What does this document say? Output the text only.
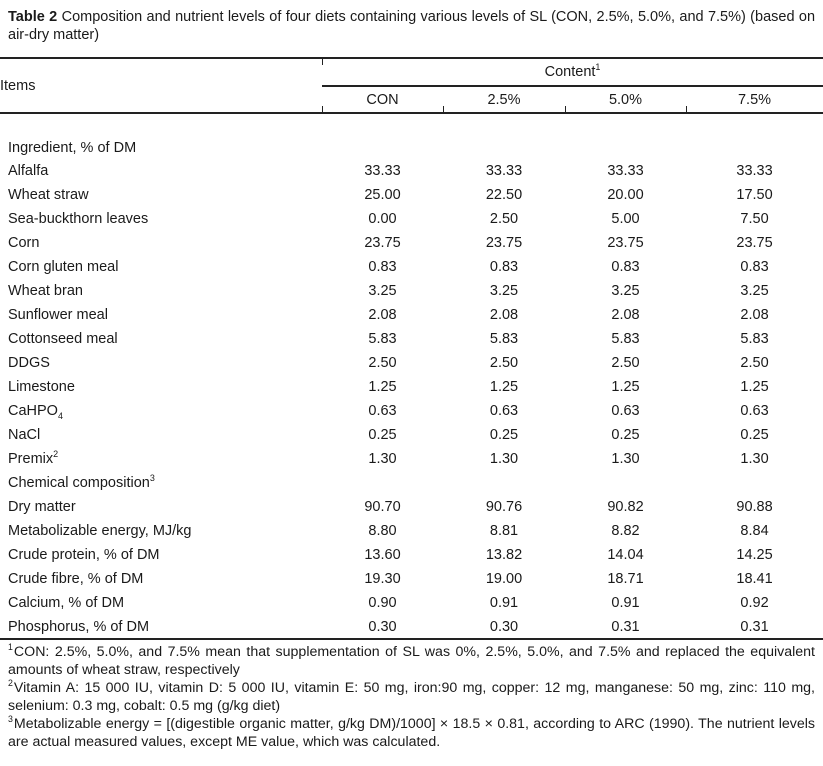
Table 2 Composition and nutrient levels of four diets containing various levels of SL (CON, 2.5%, 5.0%, and 7.5%) (based on air-dry matter)

Items	Content$^1$

CON	2.5%	5.0%	7.5%
Ingredient, % of DM				
Alfalfa	33.33	33.33	33.33	33.33
Wheat straw	25.00	22.50	20.00	17.50
Sea-buckthorn leaves	0.00	2.50	5.00	7.50
Corn	23.75	23.75	23.75	23.75
Corn gluten meal	0.83	0.83	0.83	0.83
Wheat bran	3.25	3.25	3.25	3.25
Sunflower meal	2.08	2.08	2.08	2.08
Cottonseed meal	5.83	5.83	5.83	5.83
DDGS	2.50	2.50	2.50	2.50
Limestone	1.25	1.25	1.25	1.25
CaHPO$_4$	0.63	0.63	0.63	0.63
NaCl	0.25	0.25	0.25	0.25
Premix$^2$	1.30	1.30	1.30	1.30
Chemical composition$^3$				
Dry matter	90.70	90.76	90.82	90.88
Metabolizable energy, MJ/kg	8.80	8.81	8.82	8.84
Crude protein, % of DM	13.60	13.82	14.04	14.25
Crude fibre, % of DM	19.30	19.00	18.71	18.41
Calcium, % of DM	0.90	0.91	0.91	0.92
Phosphorus, % of DM	0.30	0.30	0.31	0.31

$^1$CON: 2.5%, 5.0%, and 7.5% mean that supplementation of SL was 0%, 2.5%, 5.0%, and 7.5% and replaced the equivalent amounts of wheat straw, respectively

$^2$Vitamin A: 15 000 IU, vitamin D: 5 000 IU, vitamin E: 50 mg, iron:90 mg, copper: 12 mg, manganese: 50 mg, zinc: 110 mg, selenium: 0.3 mg, cobalt: 0.5 mg (g/kg diet)

$^3$Metabolizable energy = [(digestible organic matter, g/kg DM)/1000] × 18.5 × 0.81, according to ARC (1990). The nutrient levels are actual measured values, except ME value, which was calculated.
